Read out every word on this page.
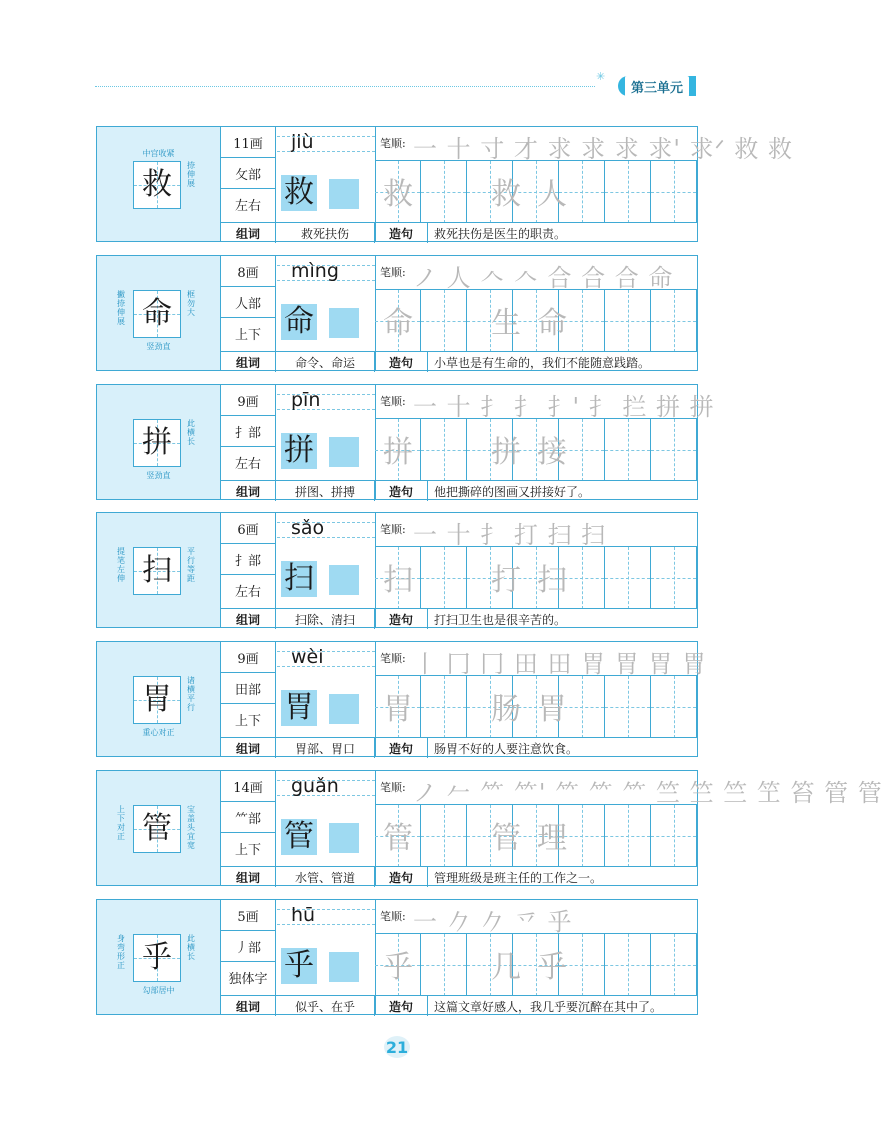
✳
第三单元
中宫收紧
救
捺伸展
11画
攵部
左右
jiù
救
笔顺: 一 十 寸 才 求 求 求 求' 求ᐟ 救 救
救	救 人
组词	救死扶伤	造句	救死扶伤是医生的职责。
撇捺伸展 命
框勿大
竖劲直
8画
人部
上下
mìng
命
笔顺: ノ 人 𠆢 𠆢 合 合 合 命
命	生 命
组词	命令、命运	造句	小草也是有生命的，我们不能随意践踏。
拼
此横长
竖劲直
9画
扌部
左右
pīn
拼
笔顺: 一 十 扌 扌 扌' 扌 拦 拼 拼
拼	拼 接
组词	拼图、拼搏	造句	他把撕碎的图画又拼接好了。
提笔左伸 扫
平行等距
6画
扌部
左右
sǎo
扫
笔顺: 一 十 扌 打 扫 扫
扫	打 扫
组词	扫除、清扫	造句	打扫卫生也是很辛苦的。
胃
诸横平行
重心对正
9画
田部
上下
wèi
胃
笔顺: 丨 冂 冂 田 田 胃 胃 胃 胃
胃	肠 胃
组词	胃部、胃口	造句	肠胃不好的人要注意饮食。
上下对正 管
宝盖头宜宽
14画
⺮部
上下
guǎn
管
笔顺: ノ 𠂉 ⺮ ⺮' ⺮ ⺮ ⺮ 竺 竺 竺 笁 笞 管 管
管	管 理
组词	水管、管道	造句	管理班级是班主任的工作之一。
身弯形正 乎
此横长
勾部居中
5画
丿部
独体字
hū
乎
笔顺: 一 𠂊 𠂊 乊 乎
乎	几 乎
组词	似乎、在乎	造句	这篇文章好感人，我几乎要沉醉在其中了。
21
